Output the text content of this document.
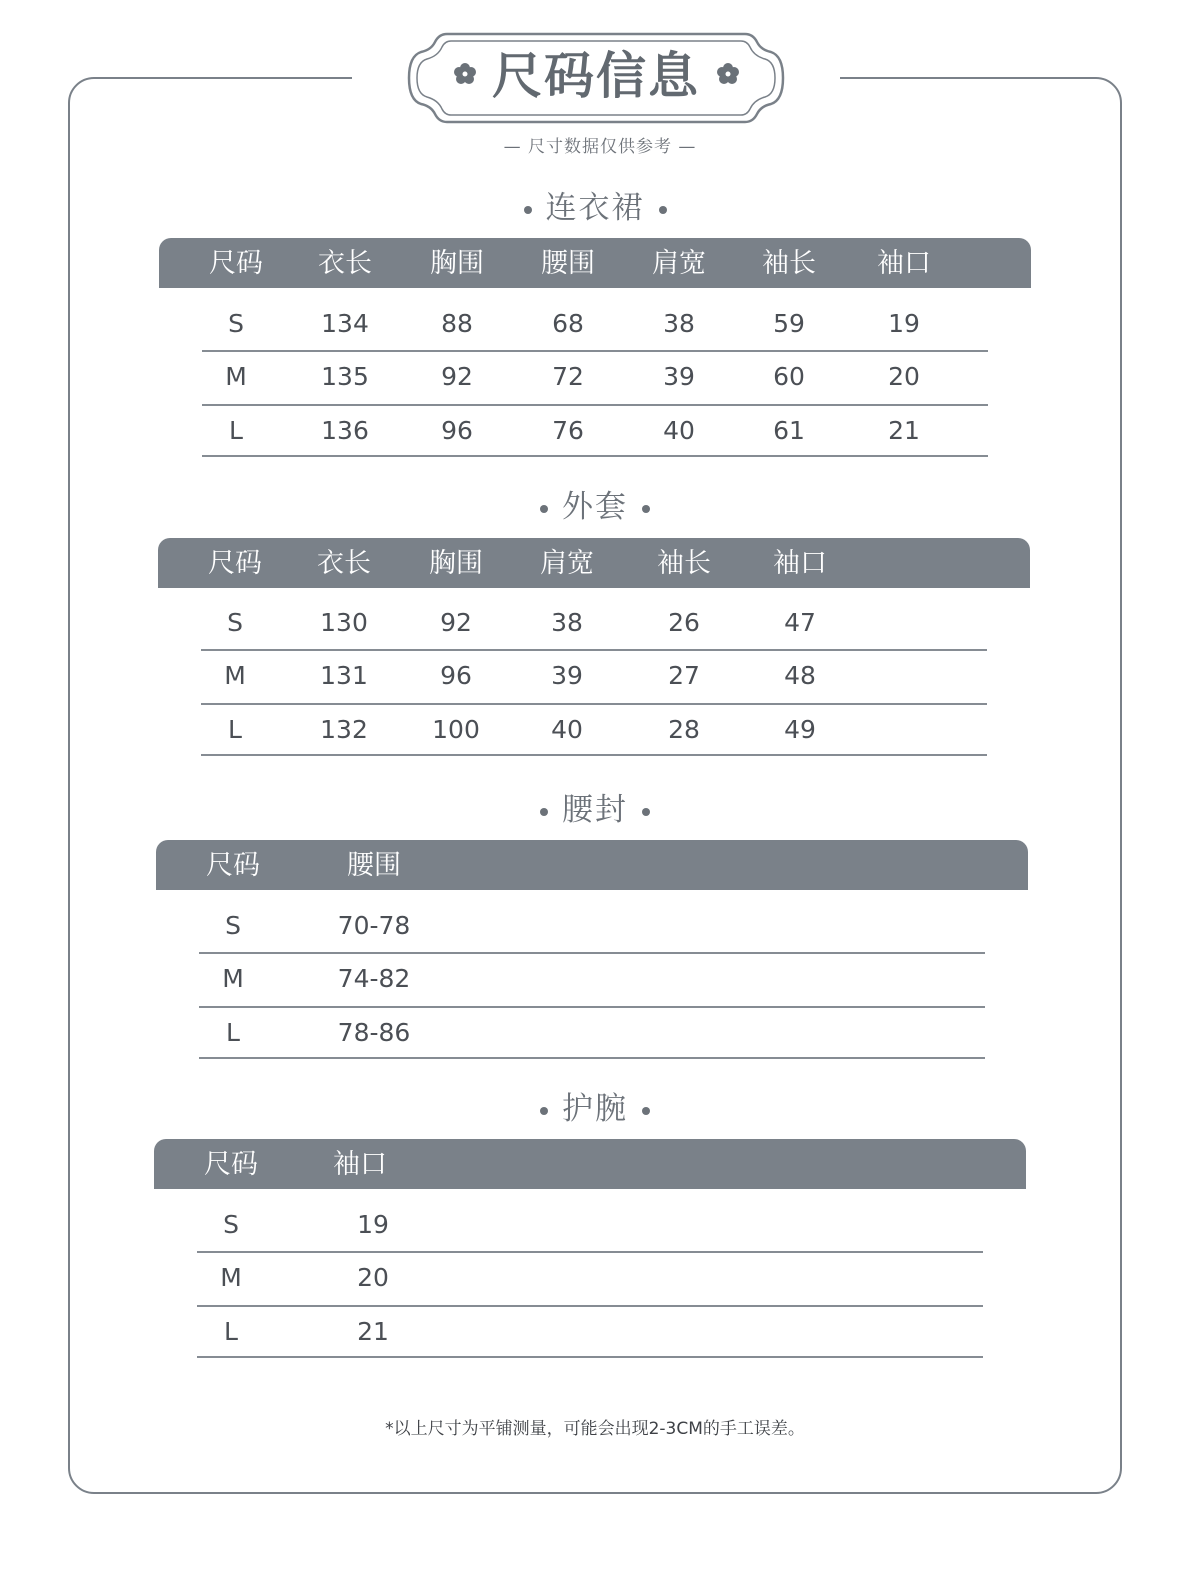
尺码信息
— 尺寸数据仅供参考 —
连衣裙
尺码 衣长 胸围 腰围 肩宽 袖长 袖口
S	134	88	68	38	59	19
M	135	92	72	39	60	20
L	136	96	76	40	61	21
外套
尺码 衣长 胸围 肩宽 袖长 袖口
S	130	92	38	26	47
M	131	96	39	27	48
L	132	100	40	28	49
腰封
尺码	腰围
S	70-78
M	74-82
L	78-86
护腕
尺码	袖口
S	19
M	20
L	21
*以上尺寸为平铺测量，可能会出现2-3CM的手工误差。
